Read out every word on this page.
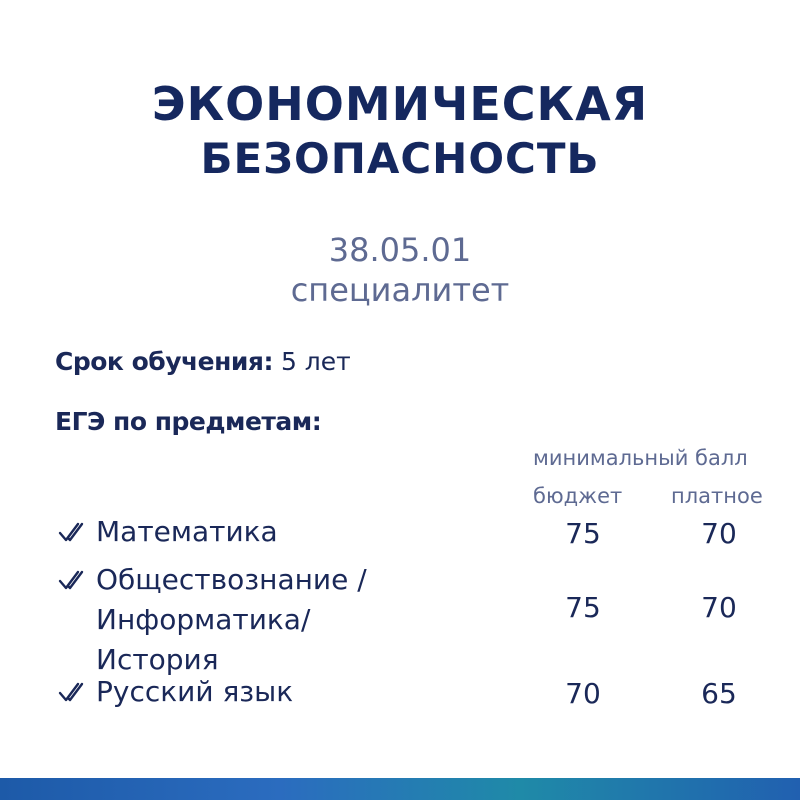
ЭКОНОМИЧЕСКАЯ
БЕЗОПАСНОСТЬ
38.05.01
специалитет
Срок обучения: 5 лет
ЕГЭ по предметам:
минимальный балл
бюджет платное
Математика	75	70
Обществознание /
Информатика/
История
75	70
Русский язык	70	65
